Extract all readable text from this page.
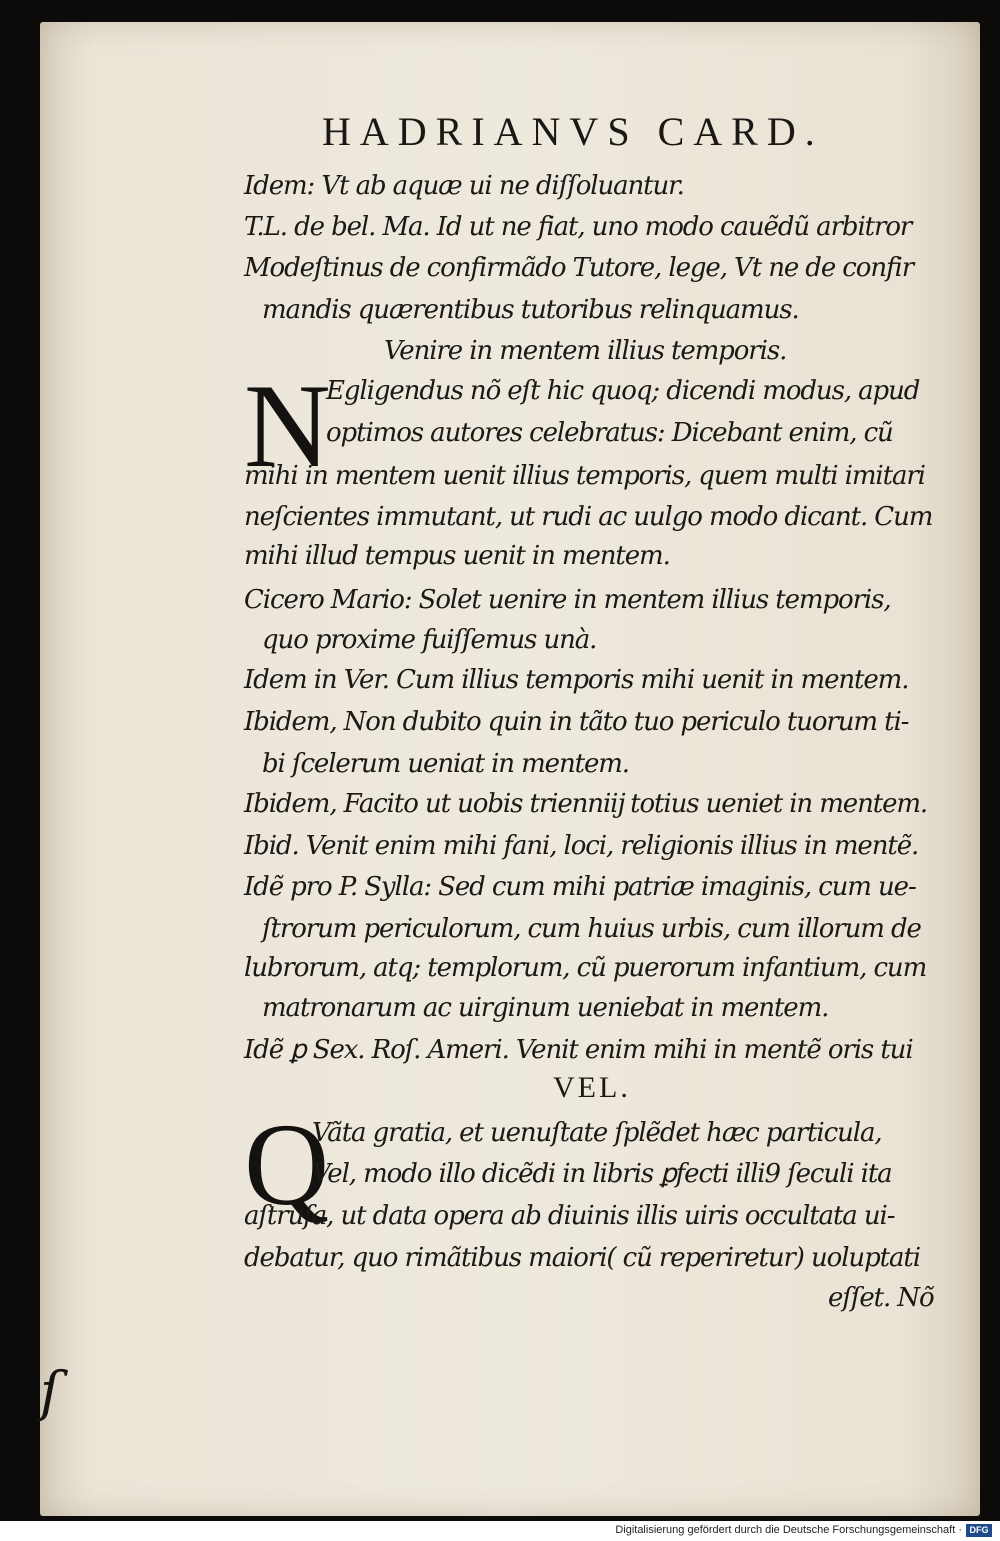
HADRIANVS CARD.
N
Q
Idem: Vt ab aquæ ui ne diſſoluantur.
T.L. de bel. Ma. Id ut ne fiat, uno modo cauẽdũ arbitror
Modeſtinus de confirmãdo Tutore, lege, Vt ne de confir
mandis quærentibus tutoribus relinquamus.
Venire in mentem illius temporis.
Egligendus nõ eſt hic quoq; dicendi modus, apud
optimos autores celebratus: Dicebant enim, cũ
mihi in mentem uenit illius temporis, quem multi imitari
neſcientes immutant, ut rudi ac uulgo modo dicant. Cum
mihi illud tempus uenit in mentem.
Cicero Mario: Solet uenire in mentem illius temporis,
quo proxime fuiſſemus unà.
Idem in Ver. Cum illius temporis mihi uenit in mentem.
Ibidem, Non dubito quin in tãto tuo periculo tuorum ti-
bi ſcelerum ueniat in mentem.
Ibidem, Facito ut uobis trienniĳ totius ueniet in mentem.
Ibid. Venit enim mihi fani, loci, religionis illius in mentẽ.
Idẽ pro P. Sylla: Sed cum mihi patriæ imaginis, cum ue-
ſtrorum periculorum, cum huius urbis, cum illorum de
lubrorum, atq; templorum, cũ puerorum infantium, cum
matronarum ac uirginum ueniebat in mentem.
Idẽ ꝑ Sex. Roſ. Ameri. Venit enim mihi in mentẽ oris tui
VEL.
Vãta gratia, et uenuſtate ſplẽdet hæc particula,
Vel, modo illo dicẽdi in libris ꝑfecti illi9 ſeculi ita
aſtruſa, ut data opera ab diuinis illis uiris occultata ui-
debatur, quo rimãtibus maiori( cũ reperiretur) uoluptati
eſſet. Nõ
ſ
Digitalisierung gefördert durch die Deutsche Forschungsgemeinschaft · DFG
